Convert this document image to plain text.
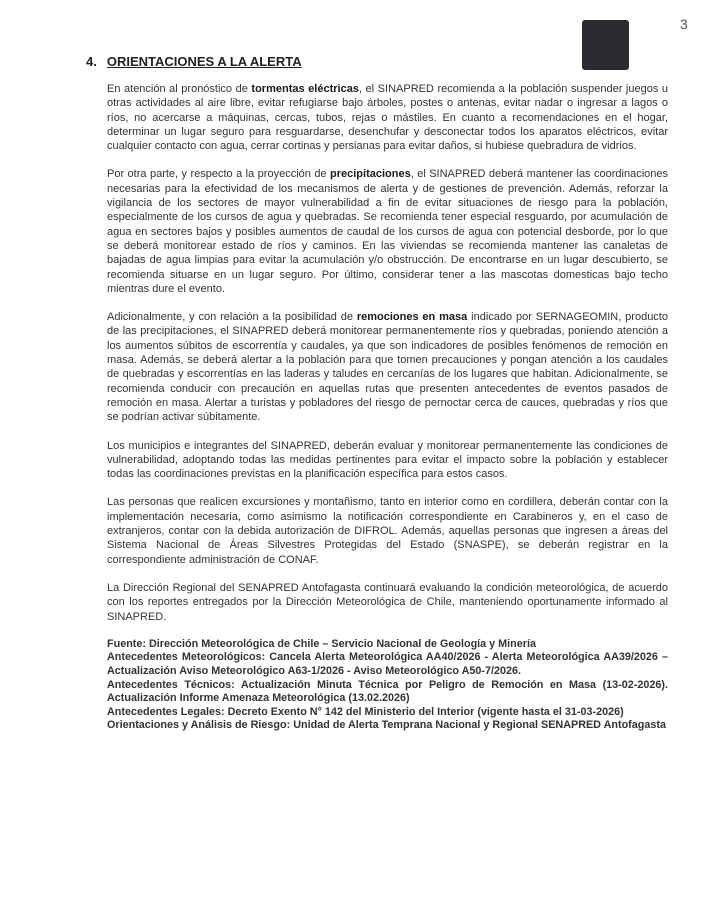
3
4. ORIENTACIONES A LA ALERTA

En atención al pronóstico de tormentas eléctricas, el SINAPRED recomienda a la población suspender juegos u otras actividades al aire libre, evitar refugiarse bajo árboles, postes o antenas, evitar nadar o ingresar a lagos o ríos, no acercarse a máquinas, cercas, tubos, rejas o mástiles. En cuanto a recomendaciones en el hogar, determinar un lugar seguro para resguardarse, desenchufar y desconectar todos los aparatos eléctricos, evitar cualquier contacto con agua, cerrar cortinas y persianas para evitar daños, si hubiese quebradura de vidrios.

Por otra parte, y respecto a la proyección de precipitaciones, el SINAPRED deberá mantener las coordinaciones necesarias para la efectividad de los mecanismos de alerta y de gestiones de prevención. Además, reforzar la vigilancia de los sectores de mayor vulnerabilidad a fin de evitar situaciones de riesgo para la población, especialmente de los cursos de agua y quebradas. Se recomienda tener especial resguardo, por acumulación de agua en sectores bajos y posibles aumentos de caudal de los cursos de agua con potencial desborde, por lo que se deberá monitorear estado de ríos y caminos. En las viviendas se recomienda mantener las canaletas de bajadas de agua limpias para evitar la acumulación y/o obstrucción. De encontrarse en un lugar descubierto, se recomienda situarse en un lugar seguro. Por último, considerar tener a las mascotas domesticas bajo techo mientras dure el evento.

Adicionalmente, y con relación a la posibilidad de remociones en masa indicado por SERNAGEOMIN, producto de las precipitaciones, el SINAPRED deberá monitorear permanentemente ríos y quebradas, poniendo atención a los aumentos súbitos de escorrentía y caudales, ya que son indicadores de posibles fenómenos de remoción en masa. Además, se deberá alertar a la población para que tomen precauciones y pongan atención a los caudales de quebradas y escorrentías en las laderas y taludes en cercanías de los lugares que habitan. Adicionalmente, se recomienda conducir con precaución en aquellas rutas que presenten antecedentes de eventos pasados de remoción en masa. Alertar a turistas y pobladores del riesgo de pernoctar cerca de cauces, quebradas y ríos que se podrían activar súbitamente.

Los municipios e integrantes del SINAPRED, deberán evaluar y monitorear permanentemente las condiciones de vulnerabilidad, adoptando todas las medidas pertinentes para evitar el impacto sobre la población y establecer todas las coordinaciones previstas en la planificación específica para estos casos.

Las personas que realicen excursiones y montañismo, tanto en interior como en cordillera, deberán contar con la implementación necesaria, como asimismo la notificación correspondiente en Carabineros y, en el caso de extranjeros, contar con la debida autorización de DIFROL. Además, aquellas personas que ingresen a áreas del Sistema Nacional de Áreas Silvestres Protegidas del Estado (SNASPE), se deberán registrar en la correspondiente administración de CONAF.

La Dirección Regional del SENAPRED Antofagasta continuará evaluando la condición meteorológica, de acuerdo con los reportes entregados por la Dirección Meteorológica de Chile, manteniendo oportunamente informado al SINAPRED.

Fuente: Dirección Meteorológica de Chile – Servicio Nacional de Geología y Minería
Antecedentes Meteorológicos: Cancela Alerta Meteorológica AA40/2026 - Alerta Meteorológica AA39/2026 – Actualización Aviso Meteorológico A63-1/2026 - Aviso Meteorológico A50-7/2026.
Antecedentes Técnicos: Actualización Minuta Técnica por Peligro de Remoción en Masa (13-02-2026). Actualización Informe Amenaza Meteorológica (13.02.2026)
Antecedentes Legales: Decreto Exento N° 142 del Ministerio del Interior (vigente hasta el 31-03-2026)
Orientaciones y Análisis de Riesgo: Unidad de Alerta Temprana Nacional y Regional SENAPRED Antofagasta
